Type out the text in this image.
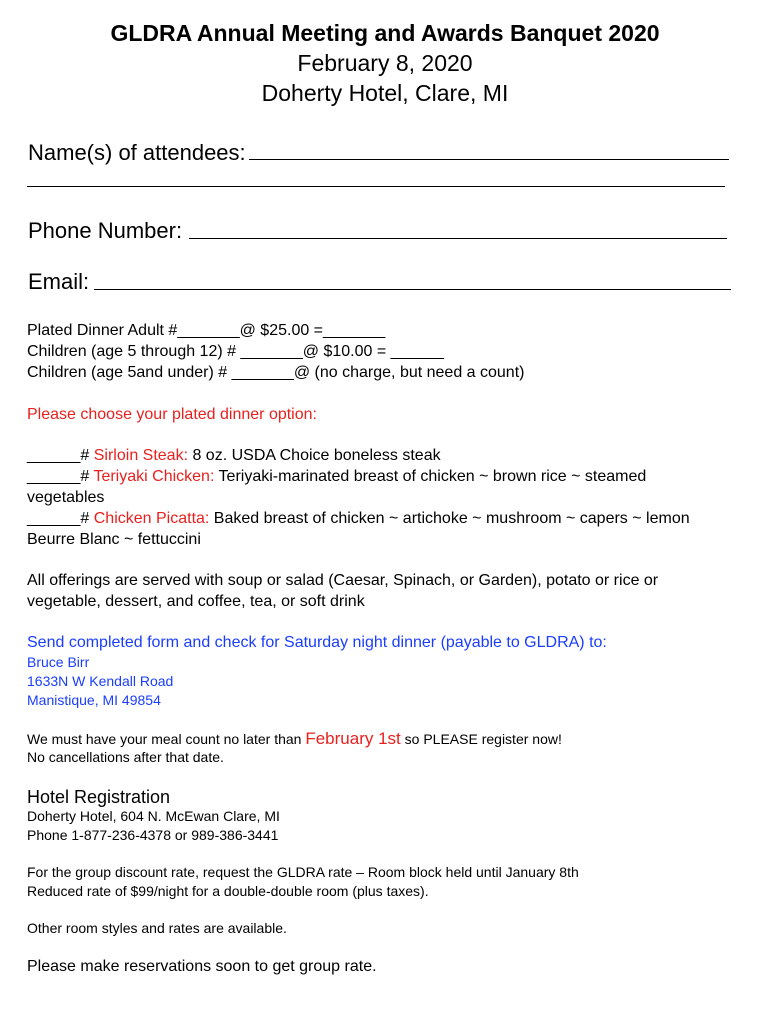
GLDRA Annual Meeting and Awards Banquet 2020
February 8, 2020
Doherty Hotel, Clare, MI
Name(s) of attendees:
Phone Number:
Email:
Plated Dinner Adult #_______@ $25.00 =_______
Children (age 5 through 12) # _______@ $10.00 = ______
Children (age 5and under) # _______@ (no charge, but need a count)
Please choose your plated dinner option:
______# Sirloin Steak: 8 oz. USDA Choice boneless steak
______# Teriyaki Chicken: Teriyaki-marinated breast of chicken ~ brown rice ~ steamed vegetables
______# Chicken Picatta: Baked breast of chicken ~ artichoke ~ mushroom ~ capers ~ lemon Beurre Blanc ~ fettuccini
All offerings are served with soup or salad (Caesar, Spinach, or Garden), potato or rice or vegetable, dessert, and coffee, tea, or soft drink
Send completed form and check for Saturday night dinner (payable to GLDRA) to:
Bruce Birr
1633N W Kendall Road
Manistique, MI 49854
We must have your meal count no later than February 1st so PLEASE register now!
No cancellations after that date.
Hotel Registration
Doherty Hotel, 604 N. McEwan Clare, MI
Phone 1-877-236-4378 or 989-386-3441
For the group discount rate, request the GLDRA rate – Room block held until January 8th
Reduced rate of $99/night for a double-double room (plus taxes).
Other room styles and rates are available.
Please make reservations soon to get group rate.
